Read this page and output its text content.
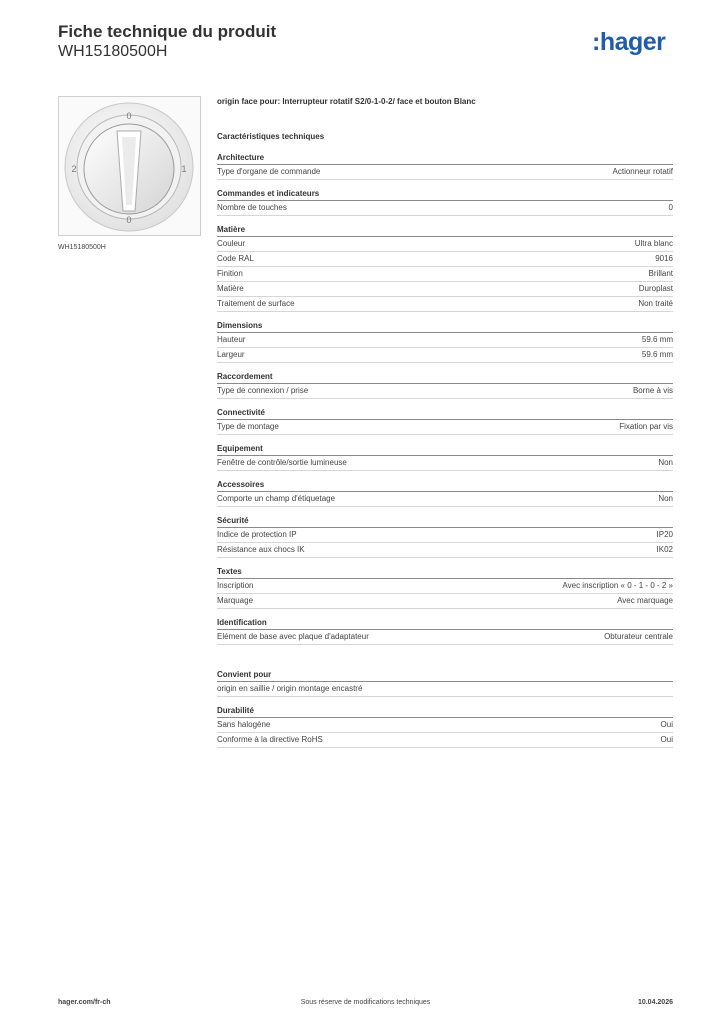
Fiche technique du produit
WH15180500H	:hager
0
1
0
2
WH15180500H
origin face pour: Interrupteur rotatif S2/0-1-0-2/ face et bouton Blanc
Caractéristiques techniques
Architecture
Type d'organe de commande	Actionneur rotatif
Commandes et indicateurs
Nombre de touches	0
Matière
Couleur	Ultra blanc
Code RAL	9016
Finition	Brillant
Matière	Duroplast
Traitement de surface	Non traité
Dimensions
Hauteur	59.6 mm
Largeur	59.6 mm
Raccordement
Type de connexion / prise	Borne à vis
Connectivité
Type de montage	Fixation par vis
Equipement
Fenêtre de contrôle/sortie lumineuse	Non
Accessoires
Comporte un champ d'étiquetage	Non
Sécurité
Indice de protection IP	IP20
Résistance aux chocs IK	IK02
Textes
Inscription	Avec inscription « 0 - 1 - 0 - 2 »
Marquage	Avec marquage
Identification
Elément de base avec plaque d'adaptateur	Obturateur centrale
Convient pour
origin en saillie / origin montage encastré
Durabilité
Sans halogène	Oui
Conforme à la directive RoHS	Oui
hager.com/fr-ch	Sous réserve de modifications techniques	10.04.2026
